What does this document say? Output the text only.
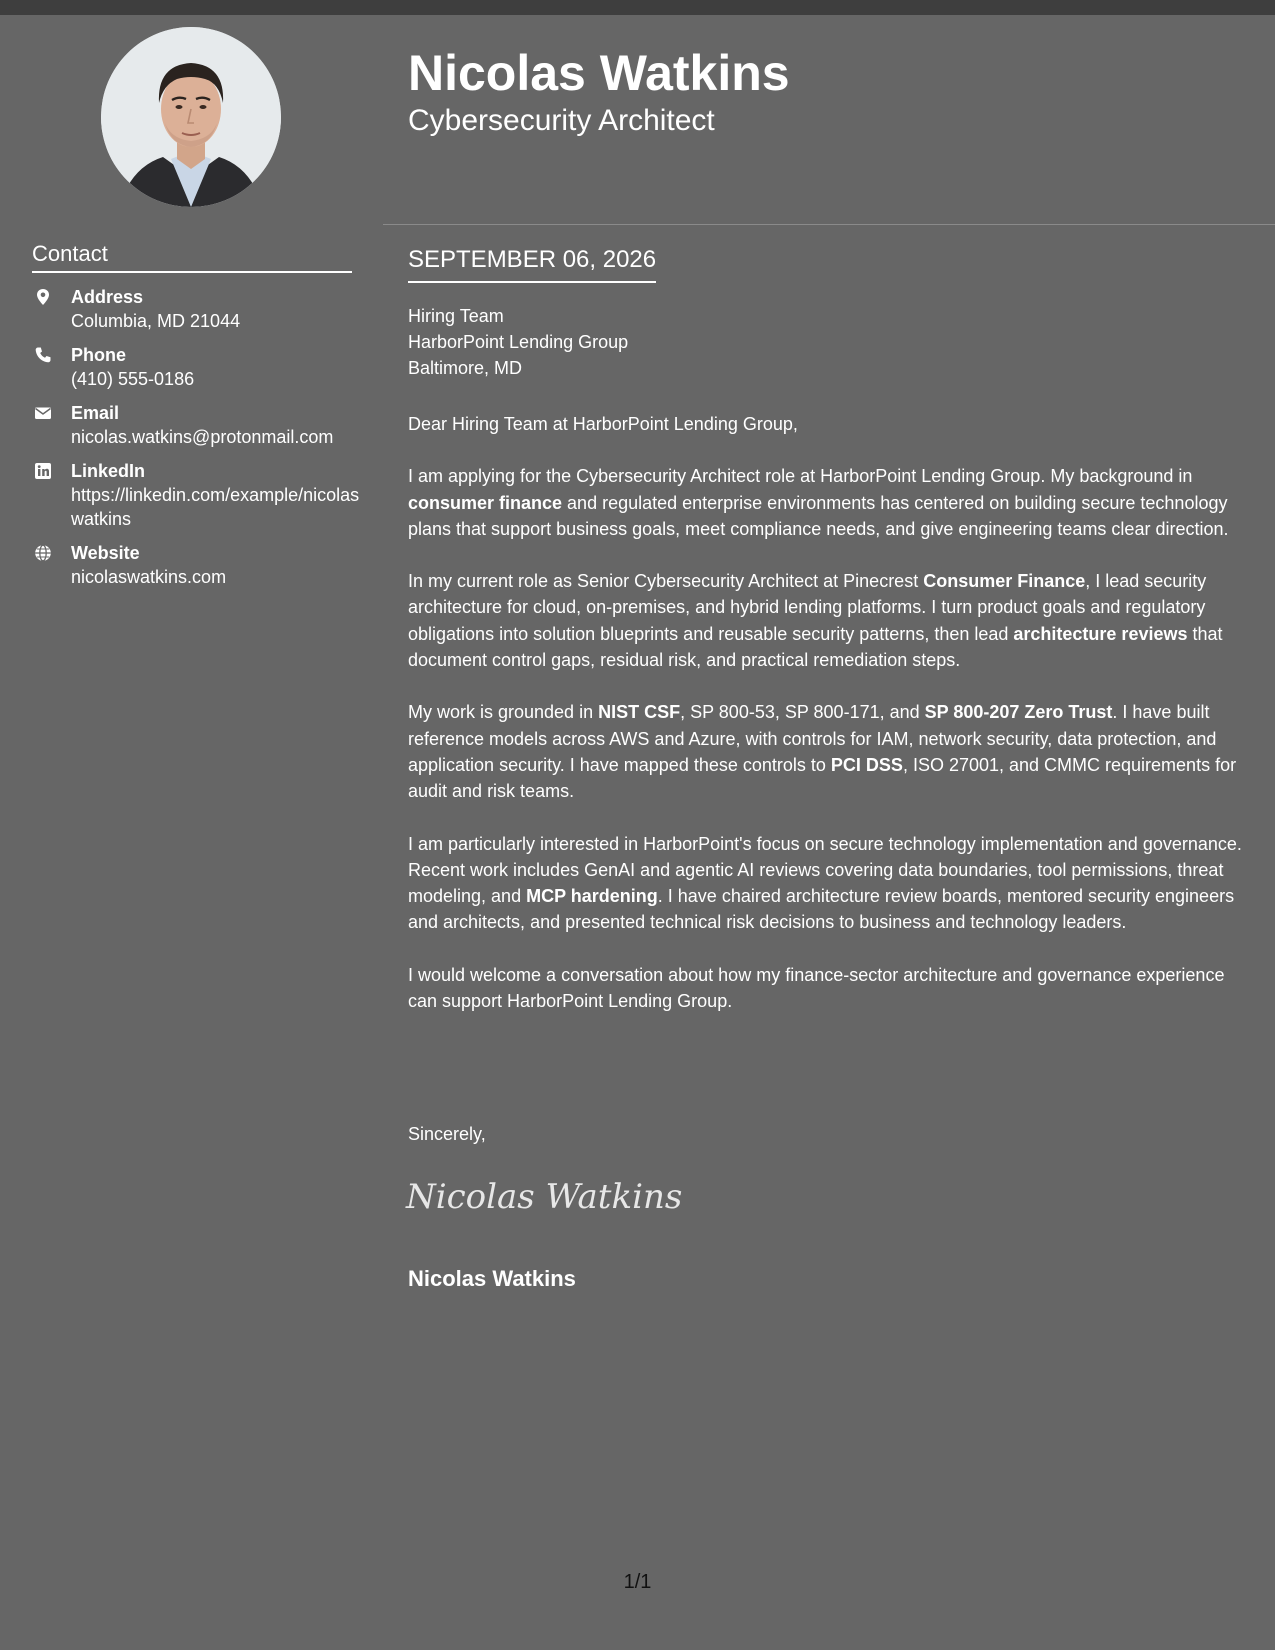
Contact
Address
Columbia, MD 21044
Phone
(410) 555-0186
Email
nicolas.watkins@protonmail.com
LinkedIn
https://linkedin.com/example/nicolaswatkins
Website
nicolaswatkins.com
Nicolas Watkins
Cybersecurity Architect
SEPTEMBER 06, 2026
Hiring Team
HarborPoint Lending Group
Baltimore, MD

Dear Hiring Team at HarborPoint Lending Group,

I am applying for the Cybersecurity Architect role at HarborPoint Lending Group. My background in consumer finance and regulated enterprise environments has centered on building secure technology plans that support business goals, meet compliance needs, and give engineering teams clear direction.

In my current role as Senior Cybersecurity Architect at Pinecrest Consumer Finance, I lead security architecture for cloud, on-premises, and hybrid lending platforms. I turn product goals and regulatory obligations into solution blueprints and reusable security patterns, then lead architecture reviews that document control gaps, residual risk, and practical remediation steps.

My work is grounded in NIST CSF, SP 800-53, SP 800-171, and SP 800-207 Zero Trust. I have built reference models across AWS and Azure, with controls for IAM, network security, data protection, and application security. I have mapped these controls to PCI DSS, ISO 27001, and CMMC requirements for audit and risk teams.

I am particularly interested in HarborPoint's focus on secure technology implementation and governance. Recent work includes GenAI and agentic AI reviews covering data boundaries, tool permissions, threat modeling, and MCP hardening. I have chaired architecture review boards, mentored security engineers and architects, and presented technical risk decisions to business and technology leaders.

I would welcome a conversation about how my finance-sector architecture and governance experience can support HarborPoint Lending Group.

Sincerely,
Nicolas Watkins
Nicolas Watkins
1/1
